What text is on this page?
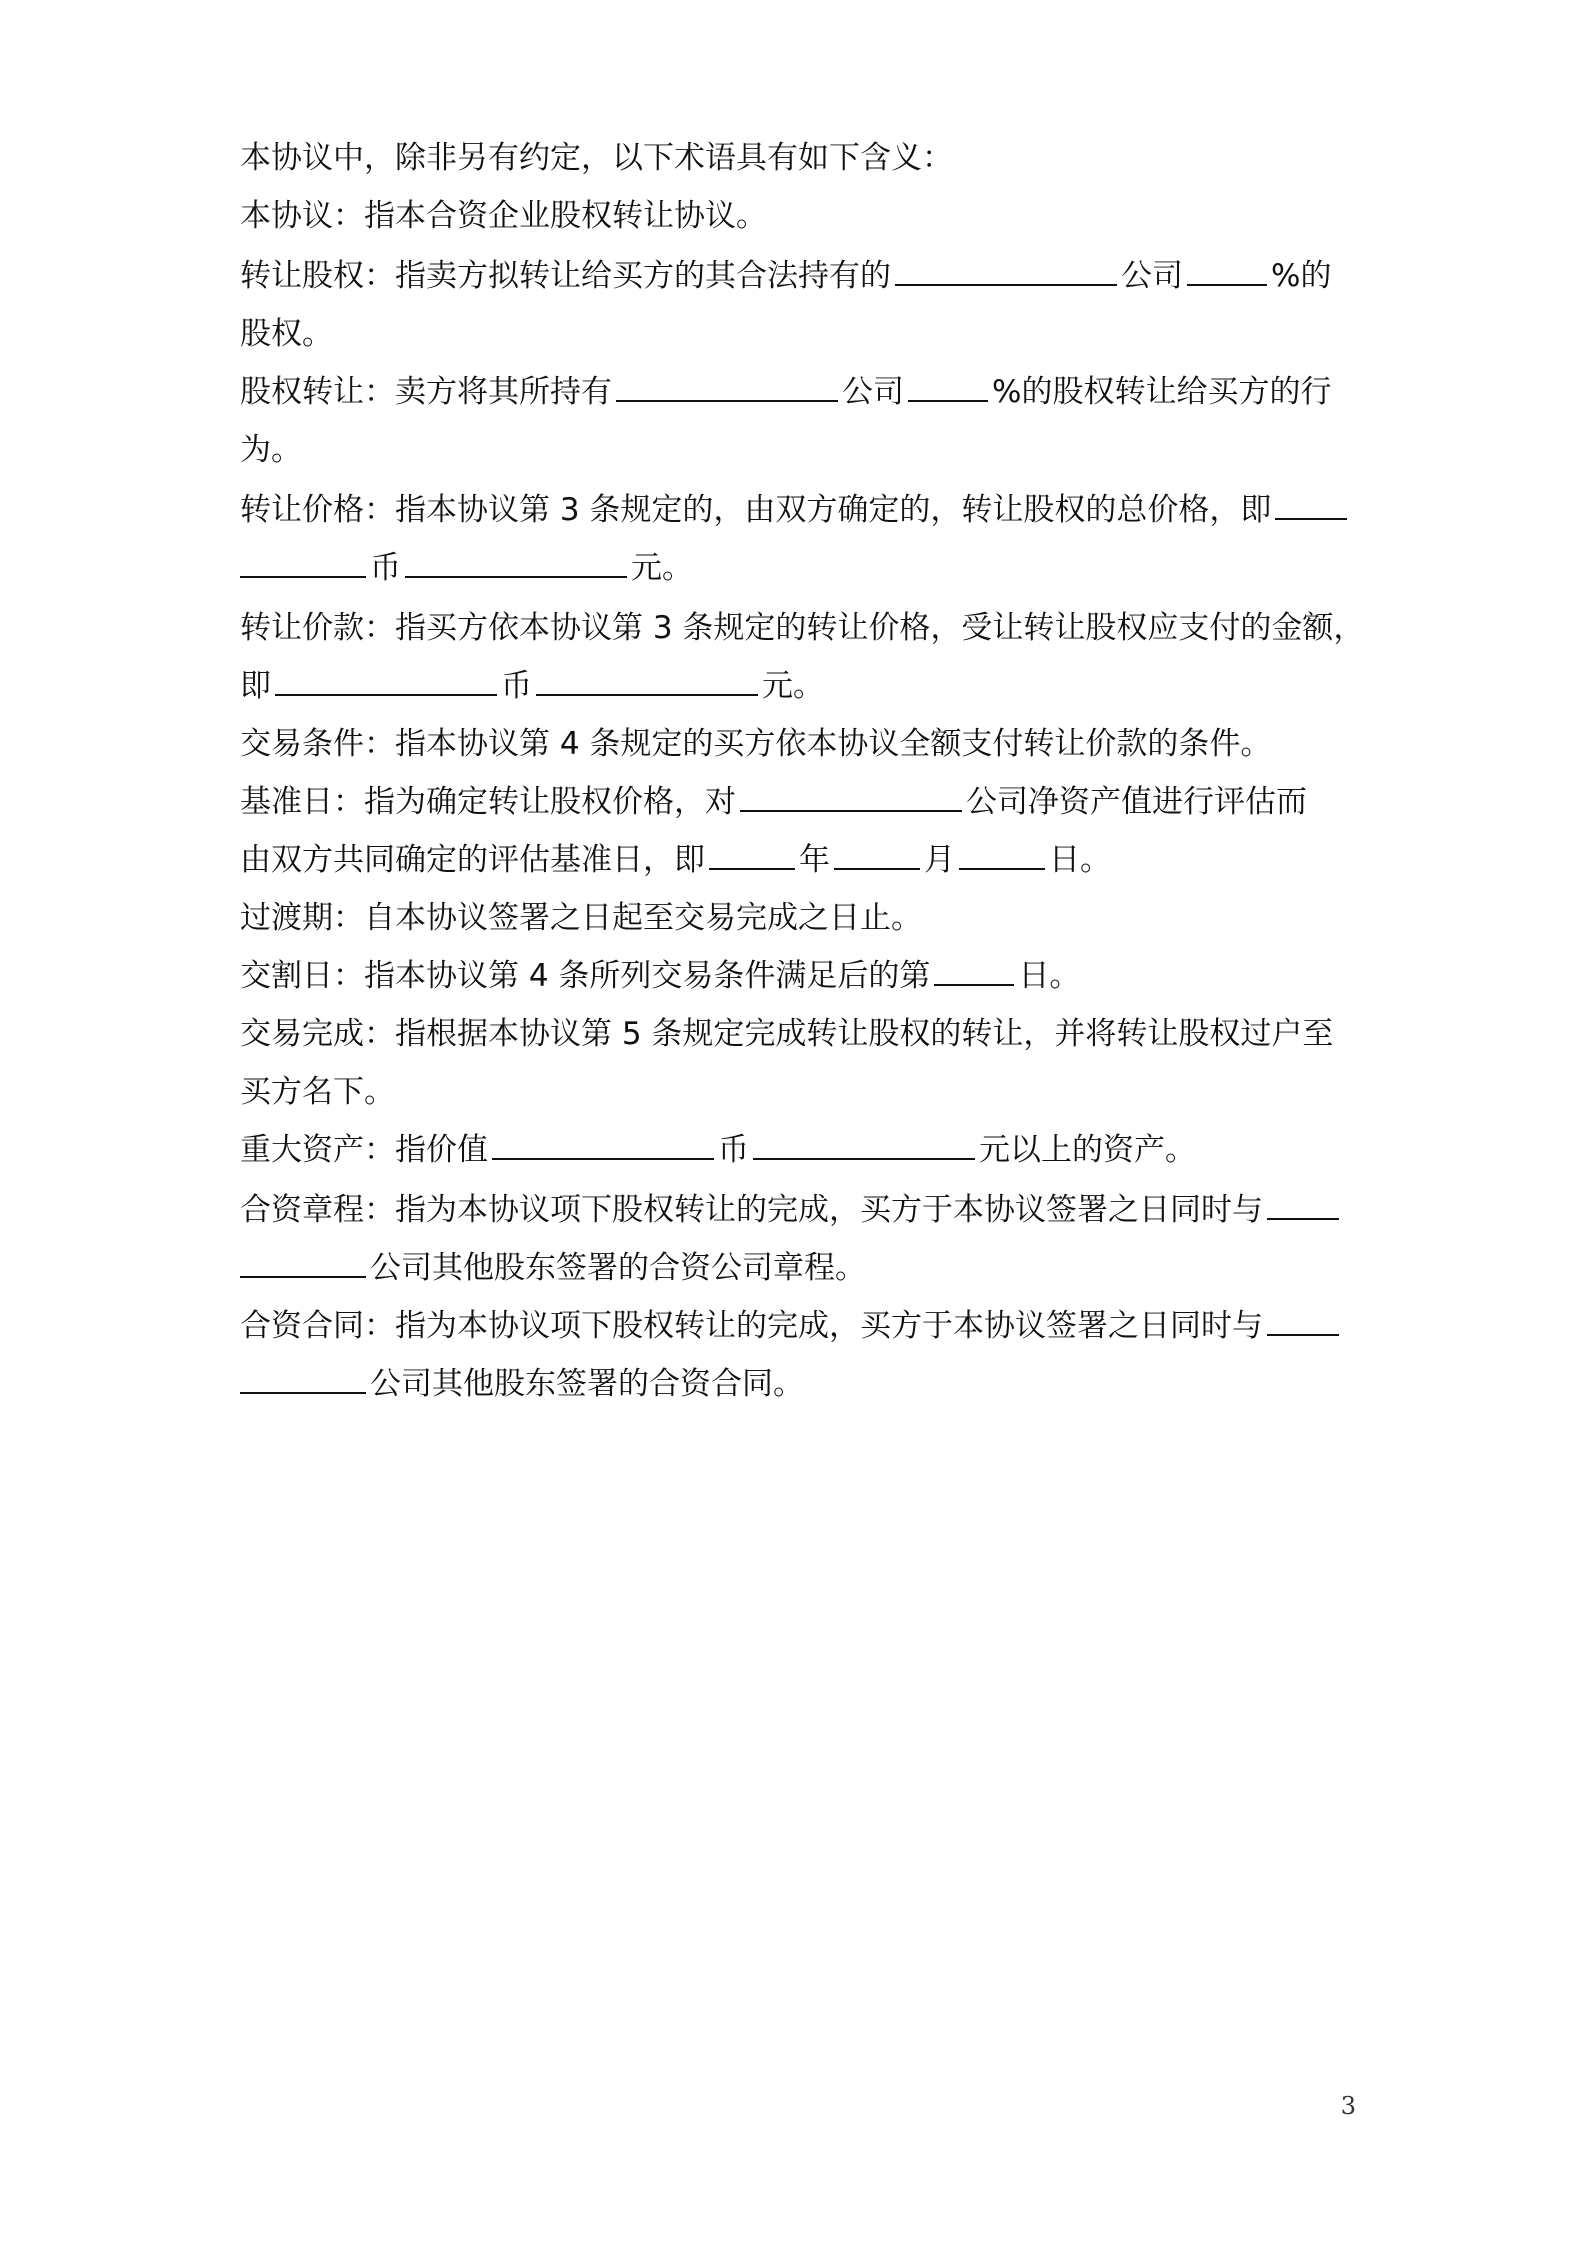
本协议中，除非另有约定，以下术语具有如下含义：
本协议：指本合资企业股权转让协议。
转让股权：指卖方拟转让给买方的其合法持有的	公司	%的
股权。
股权转让：卖方将其所持有	公司	%的股权转让给买方的行
为。
转让价格：指本协议第 3 条规定的，由双方确定的，转让股权的总价格，即
币	元。
转让价款：指买方依本协议第 3 条规定的转让价格，受让转让股权应支付的金额，
即	币	元。
交易条件：指本协议第 4 条规定的买方依本协议全额支付转让价款的条件。
基准日：指为确定转让股权价格，对	公司净资产值进行评估而
由双方共同确定的评估基准日，即	年	月	日。
过渡期：自本协议签署之日起至交易完成之日止。
交割日：指本协议第 4 条所列交易条件满足后的第	日。
交易完成：指根据本协议第 5 条规定完成转让股权的转让，并将转让股权过户至
买方名下。
重大资产：指价值	币	元以上的资产。
合资章程：指为本协议项下股权转让的完成，买方于本协议签署之日同时与
公司其他股东签署的合资公司章程。
合资合同：指为本协议项下股权转让的完成，买方于本协议签署之日同时与
公司其他股东签署的合资合同。
3
